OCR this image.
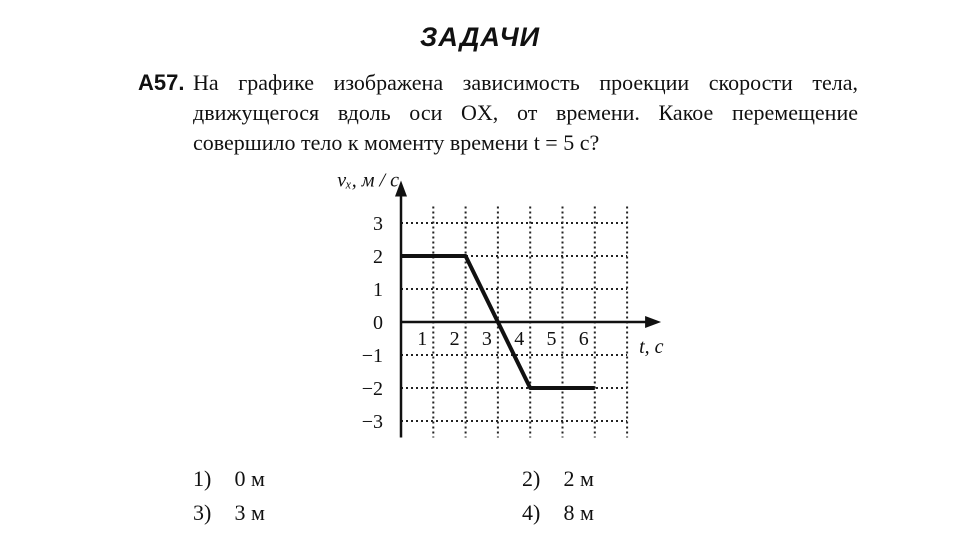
ЗАДАЧИ
А57. На графике изображена зависимость проекции скорости тела, движущегося вдоль оси OX, от времени. Какое перемещение совершило тело к моменту времени t = 5 с?
3
2
1
0
−1
−2
−3
1 2 3 4 5 6
vₓ, м / с
t, с
1) 0 м	2) 2 м
3) 3 м	4) 8 м
